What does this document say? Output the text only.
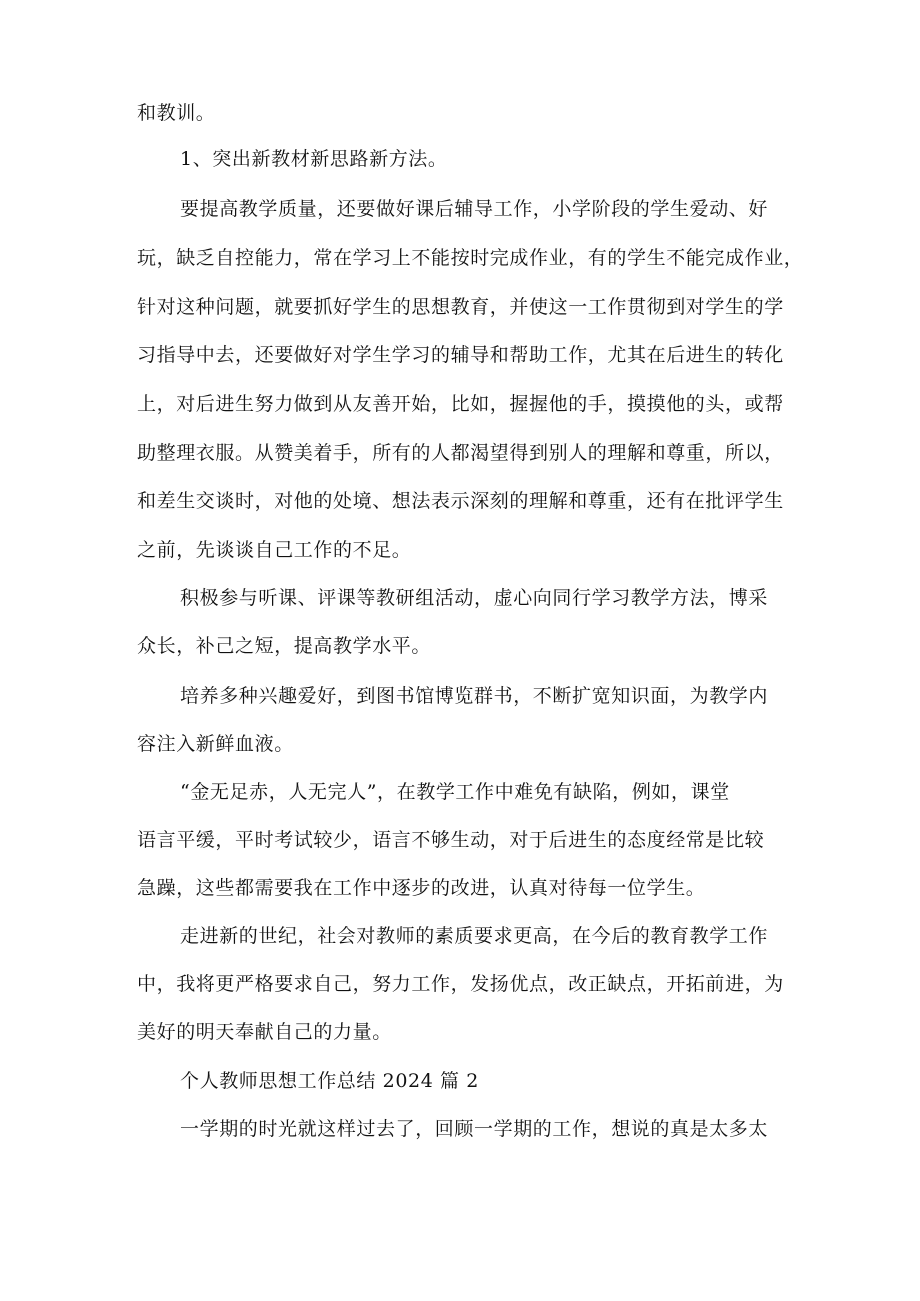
和教训。
1、突出新教材新思路新方法。
要提高教学质量，还要做好课后辅导工作，小学阶段的学生爱动、好
玩，缺乏自控能力，常在学习上不能按时完成作业，有的学生不能完成作业，
针对这种问题，就要抓好学生的思想教育，并使这一工作贯彻到对学生的学
习指导中去，还要做好对学生学习的辅导和帮助工作，尤其在后进生的转化
上，对后进生努力做到从友善开始，比如，握握他的手，摸摸他的头，或帮
助整理衣服。从赞美着手，所有的人都渴望得到别人的理解和尊重，所以，
和差生交谈时，对他的处境、想法表示深刻的理解和尊重，还有在批评学生
之前，先谈谈自己工作的不足。
积极参与听课、评课等教研组活动，虚心向同行学习教学方法，博采
众长，补己之短，提高教学水平。
培养多种兴趣爱好，到图书馆博览群书，不断扩宽知识面，为教学内
容注入新鲜血液。
“金无足赤，人无完人”，在教学工作中难免有缺陷，例如，课堂
语言平缓，平时考试较少，语言不够生动，对于后进生的态度经常是比较
急躁，这些都需要我在工作中逐步的改进，认真对待每一位学生。
走进新的世纪，社会对教师的素质要求更高，在今后的教育教学工作
中，我将更严格要求自己，努力工作，发扬优点，改正缺点，开拓前进，为
美好的明天奉献自己的力量。
个人教师思想工作总结 2024 篇 2
一学期的时光就这样过去了，回顾一学期的工作，想说的真是太多太
